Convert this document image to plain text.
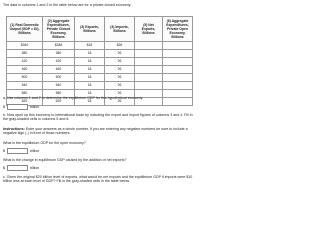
The data in columns 1 and 2 in the table below are for a private closed economy.

(1) Real Domestic Output (GDP = DI), Billions	(2) Aggregate Expenditures, Private Closed Economy, Billions	(3) Exports, Billions	(4) Imports, Billions	(5) Net Exports, Billions	(6) Aggregate Expenditures, Private Open Economy, Billions
$340	$348	$18	$26		
380	380	18	26		
420	420	18	26		
460	460	18	26		
500	500	18	26		
540	540	18	26		
580	580	18	26		
620	620	18	26		

a. Use columns 1 and 2 to determine the equilibrium GDP for this hypothetical economy.

$	billion

b. Now open up this economy to international trade by including the export and import figures of columns 3 and 4. Fill in the gray-shaded cells in columns 5 and 6.

Instructions: Enter your answers as a whole number. If you are entering any negative numbers be sure to include a negative sign (-) in front of those numbers.

What is the equilibrium GDP for the open economy?

$	billion

What is the change in equilibrium GDP caused by the addition of net exports?

$	billion

c. Given the original $20 billion level of exports, what would be net exports and the equilibrium GDP if imports were $10 billion less at each level of GDP? Fill in the gray-shaded cells in the table below.
